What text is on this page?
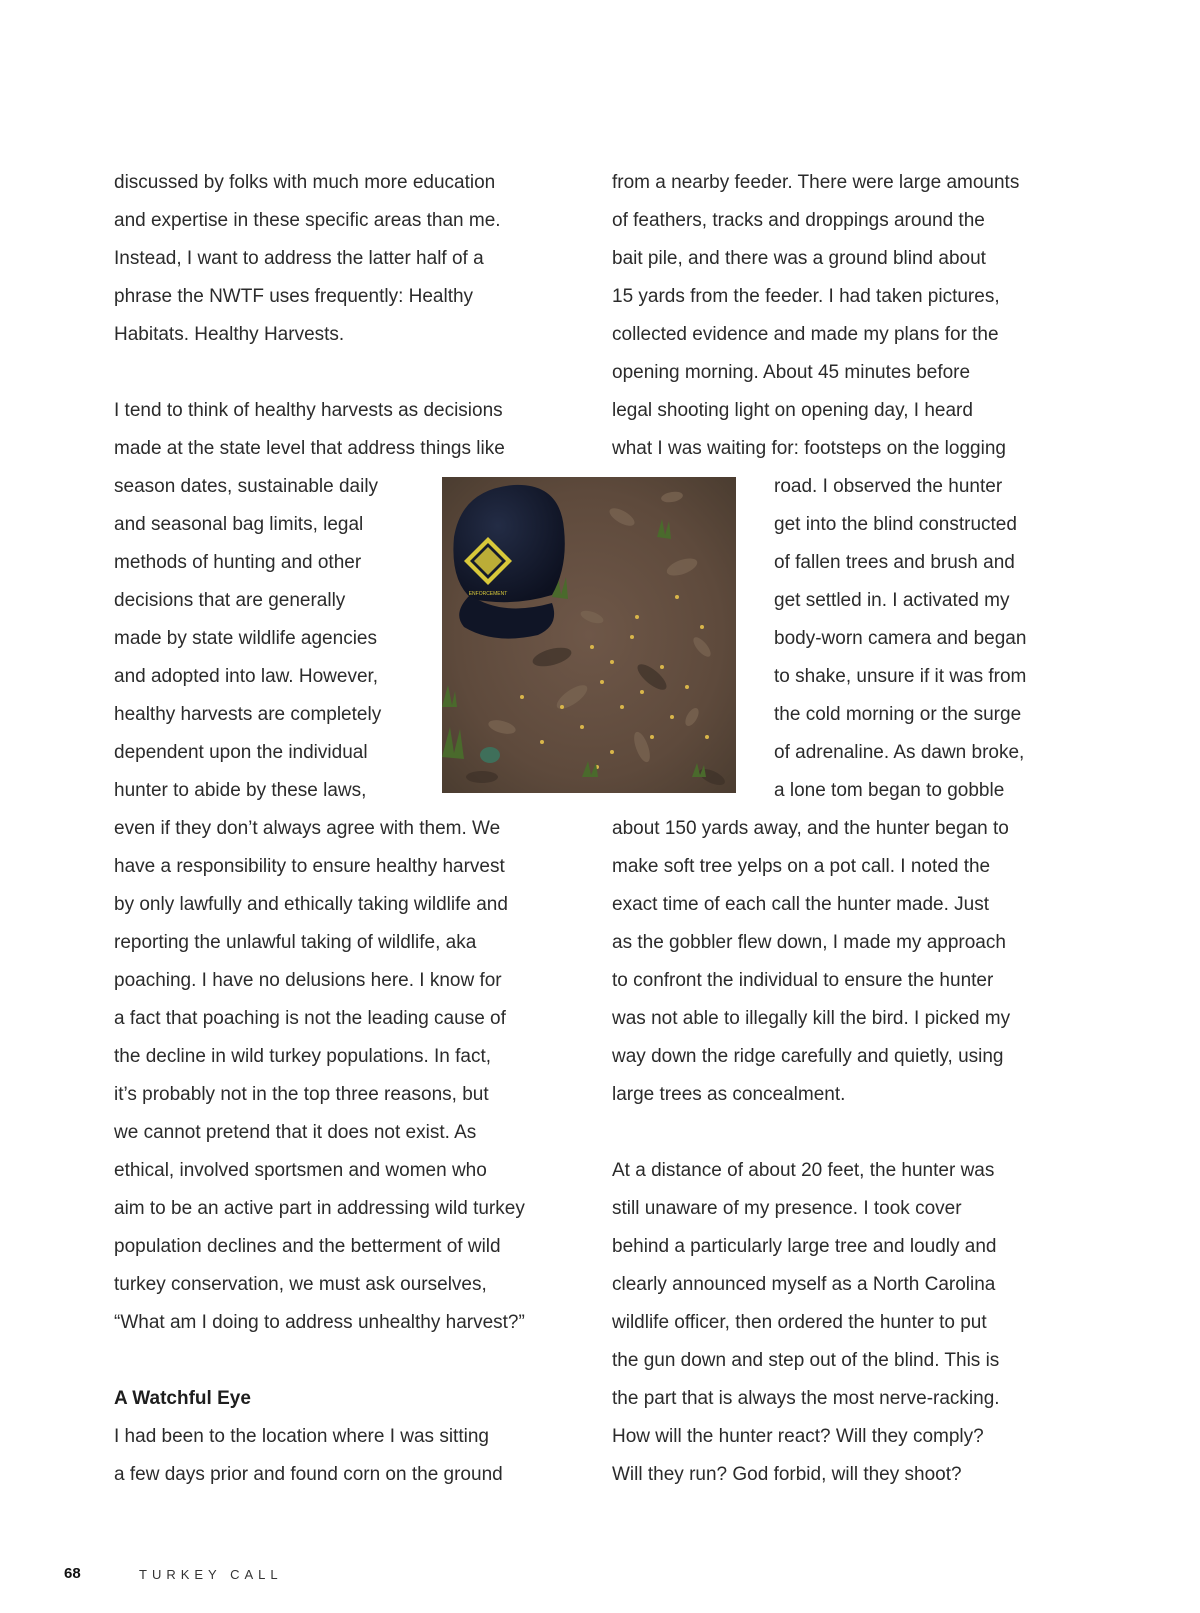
discussed by folks with much more education
and expertise in these specific areas than me.
Instead, I want to address the latter half of a
phrase the NWTF uses frequently: Healthy
Habitats. Healthy Harvests.
I tend to think of healthy harvests as decisions
made at the state level that address things like
season dates, sustainable daily
and seasonal bag limits, legal
methods of hunting and other
decisions that are generally
made by state wildlife agencies
and adopted into law. However,
healthy harvests are completely
dependent upon the individual
hunter to abide by these laws,
even if they don’t always agree with them. We
have a responsibility to ensure healthy harvest
by only lawfully and ethically taking wildlife and
reporting the unlawful taking of wildlife, aka
poaching. I have no delusions here. I know for
a fact that poaching is not the leading cause of
the decline in wild turkey populations. In fact,
it’s probably not in the top three reasons, but
we cannot pretend that it does not exist. As
ethical, involved sportsmen and women who
aim to be an active part in addressing wild turkey
population declines and the betterment of wild
turkey conservation, we must ask ourselves,
“What am I doing to address unhealthy harvest?”
A Watchful Eye
I had been to the location where I was sitting
a few days prior and found corn on the ground
from a nearby feeder. There were large amounts
of feathers, tracks and droppings around the
bait pile, and there was a ground blind about
15 yards from the feeder. I had taken pictures,
collected evidence and made my plans for the
opening morning. About 45 minutes before
legal shooting light on opening day, I heard
what I was waiting for: footsteps on the logging
road. I observed the hunter
get into the blind constructed
of fallen trees and brush and
get settled in. I activated my
body-worn camera and began
to shake, unsure if it was from
the cold morning or the surge
of adrenaline. As dawn broke,
a lone tom began to gobble
about 150 yards away, and the hunter began to
make soft tree yelps on a pot call. I noted the
exact time of each call the hunter made. Just
as the gobbler flew down, I made my approach
to confront the individual to ensure the hunter
was not able to illegally kill the bird. I picked my
way down the ridge carefully and quietly, using
large trees as concealment.
At a distance of about 20 feet, the hunter was
still unaware of my presence. I took cover
behind a particularly large tree and loudly and
clearly announced myself as a North Carolina
wildlife officer, then ordered the hunter to put
the gun down and step out of the blind. This is
the part that is always the most nerve-racking.
How will the hunter react? Will they comply?
Will they run? God forbid, will they shoot?
ENFORCEMENT
68	TURKEY CALL
